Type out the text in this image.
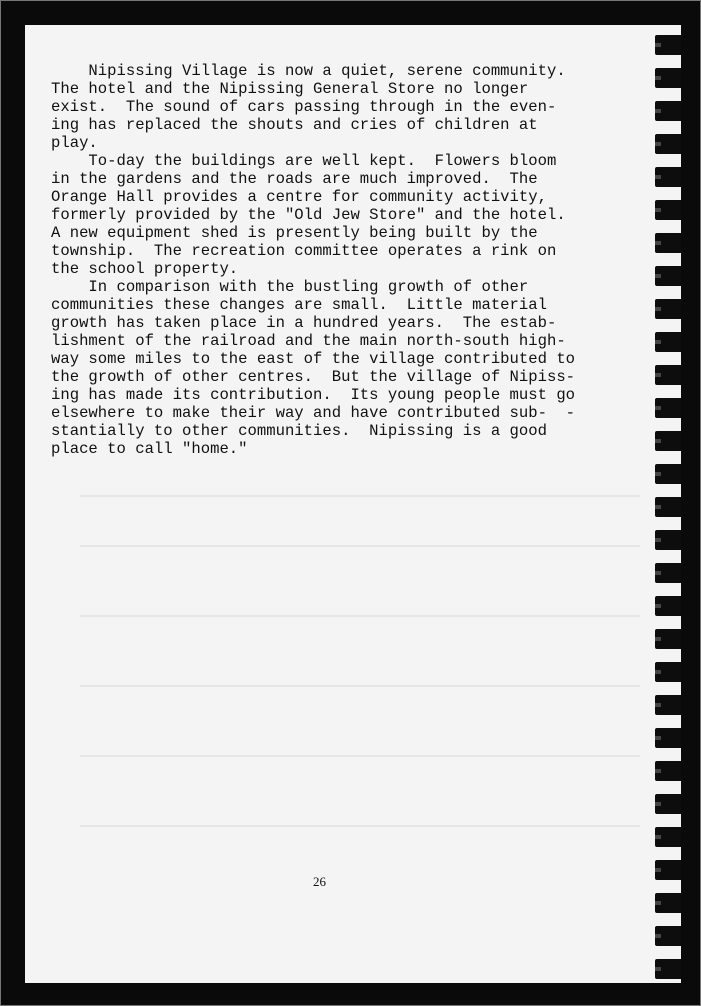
Nipissing Village is now a quiet, serene community.
The hotel and the Nipissing General Store no longer
exist.  The sound of cars passing through in the even-
ing has replaced the shouts and cries of children at
play.
To-day the buildings are well kept.  Flowers bloom
in the gardens and the roads are much improved.  The
Orange Hall provides a centre for community activity,
formerly provided by the "Old Jew Store" and the hotel.
A new equipment shed is presently being built by the
township.  The recreation committee operates a rink on
the school property.
In comparison with the bustling growth of other
communities these changes are small.  Little material
growth has taken place in a hundred years.  The estab-
lishment of the railroad and the main north-south high-
way some miles to the east of the village contributed to
the growth of other centres.  But the village of Nipiss-
ing has made its contribution.  Its young people must go
elsewhere to make their way and have contributed sub-  -
stantially to other communities.  Nipissing is a good
place to call "home."
26
